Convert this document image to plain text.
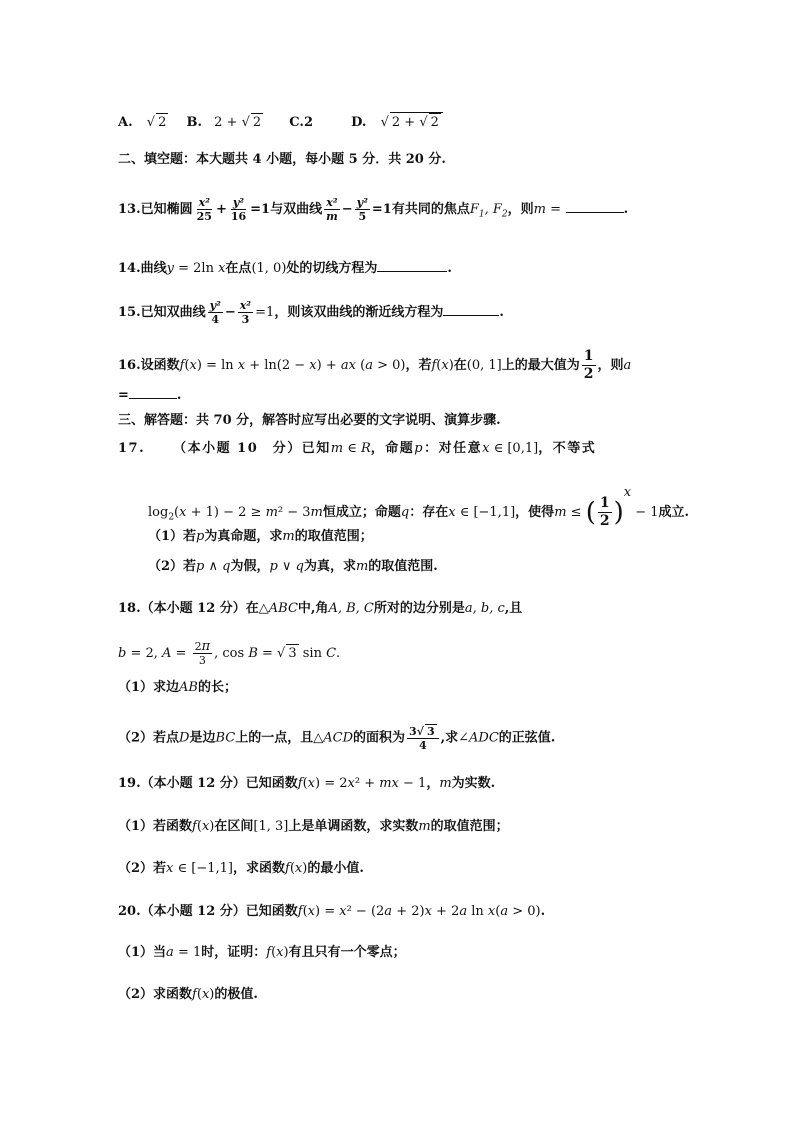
A. √ 2 B. 2 + √ 2 C.2	D. √ 2 + √ 2
二、填空题：本大题共 4 小题，每小题 5 分．共 20 分.
13.已知椭圆 $\frac{\text{x²}}{25} + \frac{\text{y²}}{16} =1$与双曲线 $\frac{\text{x²}}{m} - \frac{\text{y²}}{5} =1$有共同的焦点$F_1$, $F_2$，则m =	.
14.曲线y = 2ln x在点(1, 0)处的切线方程为	.
15.已知双曲线 $\frac{\text{y²}}{4} - \frac{\text{x²}}{3} =1$，则该双曲线的渐近线方程为	.
16.设函数f(x) = ln x + ln(2 − x) + ax (a > 0)，若f(x)在(0, 1]上的最大值为 $\frac{1}{2}$ ，则a
=	.
三、解答题：共 70 分，解答时应写出必要的文字说明、演算步骤.
17. （本小题 10　分）已知m ∈ R，命题p：对任意x ∈ [0,1]，不等式
$\log_2(x + 1) - 2 \ge m^2 - 3m$恒成立；命题q：存在x ∈ [−1,1]，使得m ≤ ( $\frac{1}{2} )^x - 1$成立.
（1）若p为真命题，求m的取值范围；
（2）若p ∧ q为假，p ∨ q为真，求m的取值范围.
18.（本小题 12 分）在△ABC中,角A, B, C所对的边分别是a, b, c,且
b = 2, $A = \frac{2\pi}{3}$ , cos B = √ 3 sin C.
（1）求边AB的长；
（2）若点D是边BC上的一点，且△ACD的面积为 $\frac{3√ 3}{4}$ ,求∠ADC的正弦值.
19.（本小题 12 分）已知函数f(x) = 2x² + mx − 1，m为实数.
（1）若函数f(x)在区间[1, 3]上是单调函数，求实数m的取值范围；
（2）若x ∈ [−1,1]，求函数f(x)的最小值.
20.（本小题 12 分）已知函数f(x) = x² − (2a + 2)x + 2a ln x(a > 0).
（1）当a = 1时，证明：f(x)有且只有一个零点；
（2）求函数f(x)的极值.
